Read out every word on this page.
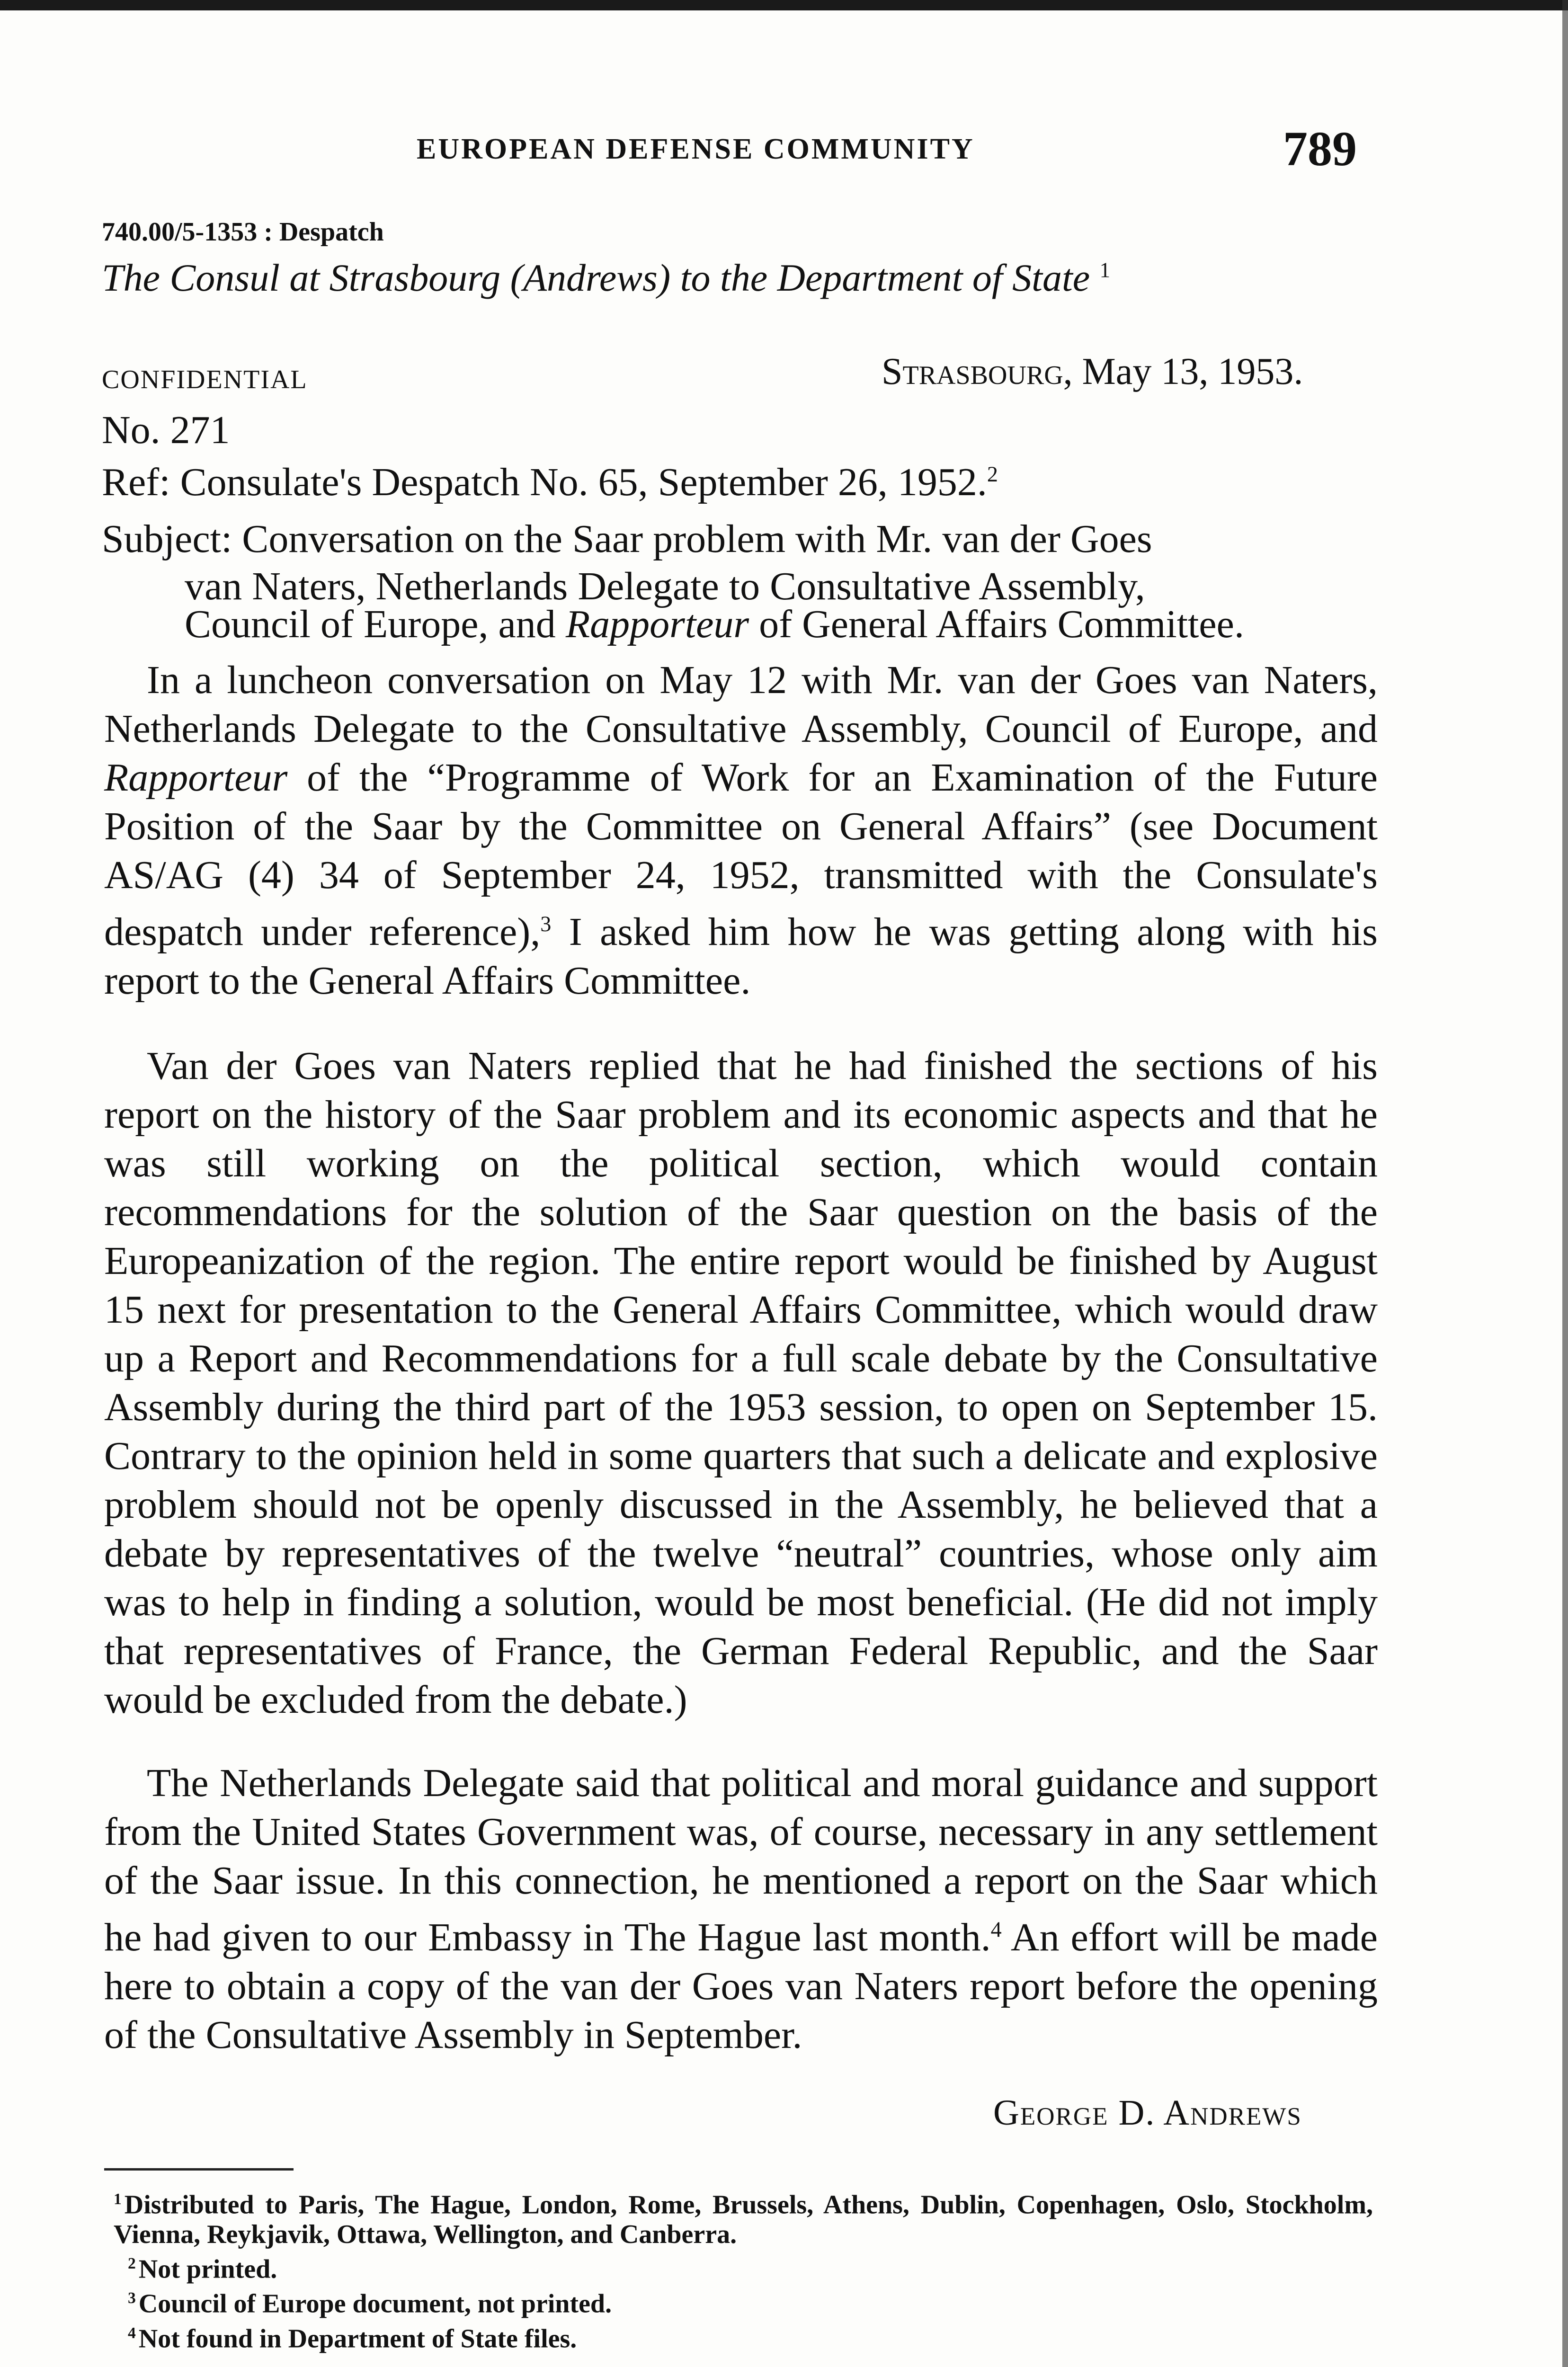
EUROPEAN DEFENSE COMMUNITY	789
740.00/5-1353 : Despatch
The Consul at Strasbourg (Andrews) to the Department of State $^1$
CONFIDENTIAL	Strasbourg, May 13, 1953.
No. 271
Ref: Consulate's Despatch No. 65, September 26, 1952.$^2$
Subject: Conversation on the Saar problem with Mr. van der Goes
van Naters, Netherlands Delegate to Consultative Assembly,
Council of Europe, and Rapporteur of General Affairs Committee.

In a luncheon conversation on May 12 with Mr. van der Goes van Naters, Netherlands Delegate to the Consultative Assembly, Council of Europe, and Rapporteur of the “Programme of Work for an Examination of the Future Position of the Saar by the Committee on General Affairs” (see Document AS/AG (4) 34 of September 24, 1952, transmitted with the Consulate's despatch under reference),$^3$ I asked him how he was getting along with his report to the General Affairs Committee.

Van der Goes van Naters replied that he had finished the sections of his report on the history of the Saar problem and its economic aspects and that he was still working on the political section, which would contain recommendations for the solution of the Saar question on the basis of the Europeanization of the region. The entire report would be finished by August 15 next for presentation to the General Affairs Committee, which would draw up a Report and Recommendations for a full scale debate by the Consultative Assembly during the third part of the 1953 session, to open on September 15. Contrary to the opinion held in some quarters that such a delicate and explosive problem should not be openly discussed in the Assembly, he believed that a debate by representatives of the twelve “neutral” countries, whose only aim was to help in finding a solution, would be most beneficial. (He did not imply that representatives of France, the German Federal Republic, and the Saar would be excluded from the debate.)

The Netherlands Delegate said that political and moral guidance and support from the United States Government was, of course, necessary in any settlement of the Saar issue. In this connection, he mentioned a report on the Saar which he had given to our Embassy in The Hague last month.$^4$ An effort will be made here to obtain a copy of the van der Goes van Naters report before the opening of the Consultative Assembly in September.

George D. Andrews

$^1$ Distributed to Paris, The Hague, London, Rome, Brussels, Athens, Dublin, Copenhagen, Oslo, Stockholm, Vienna, Reykjavik, Ottawa, Wellington, and Canberra.

$^2$ Not printed.

$^3$ Council of Europe document, not printed.

$^4$ Not found in Department of State files.
